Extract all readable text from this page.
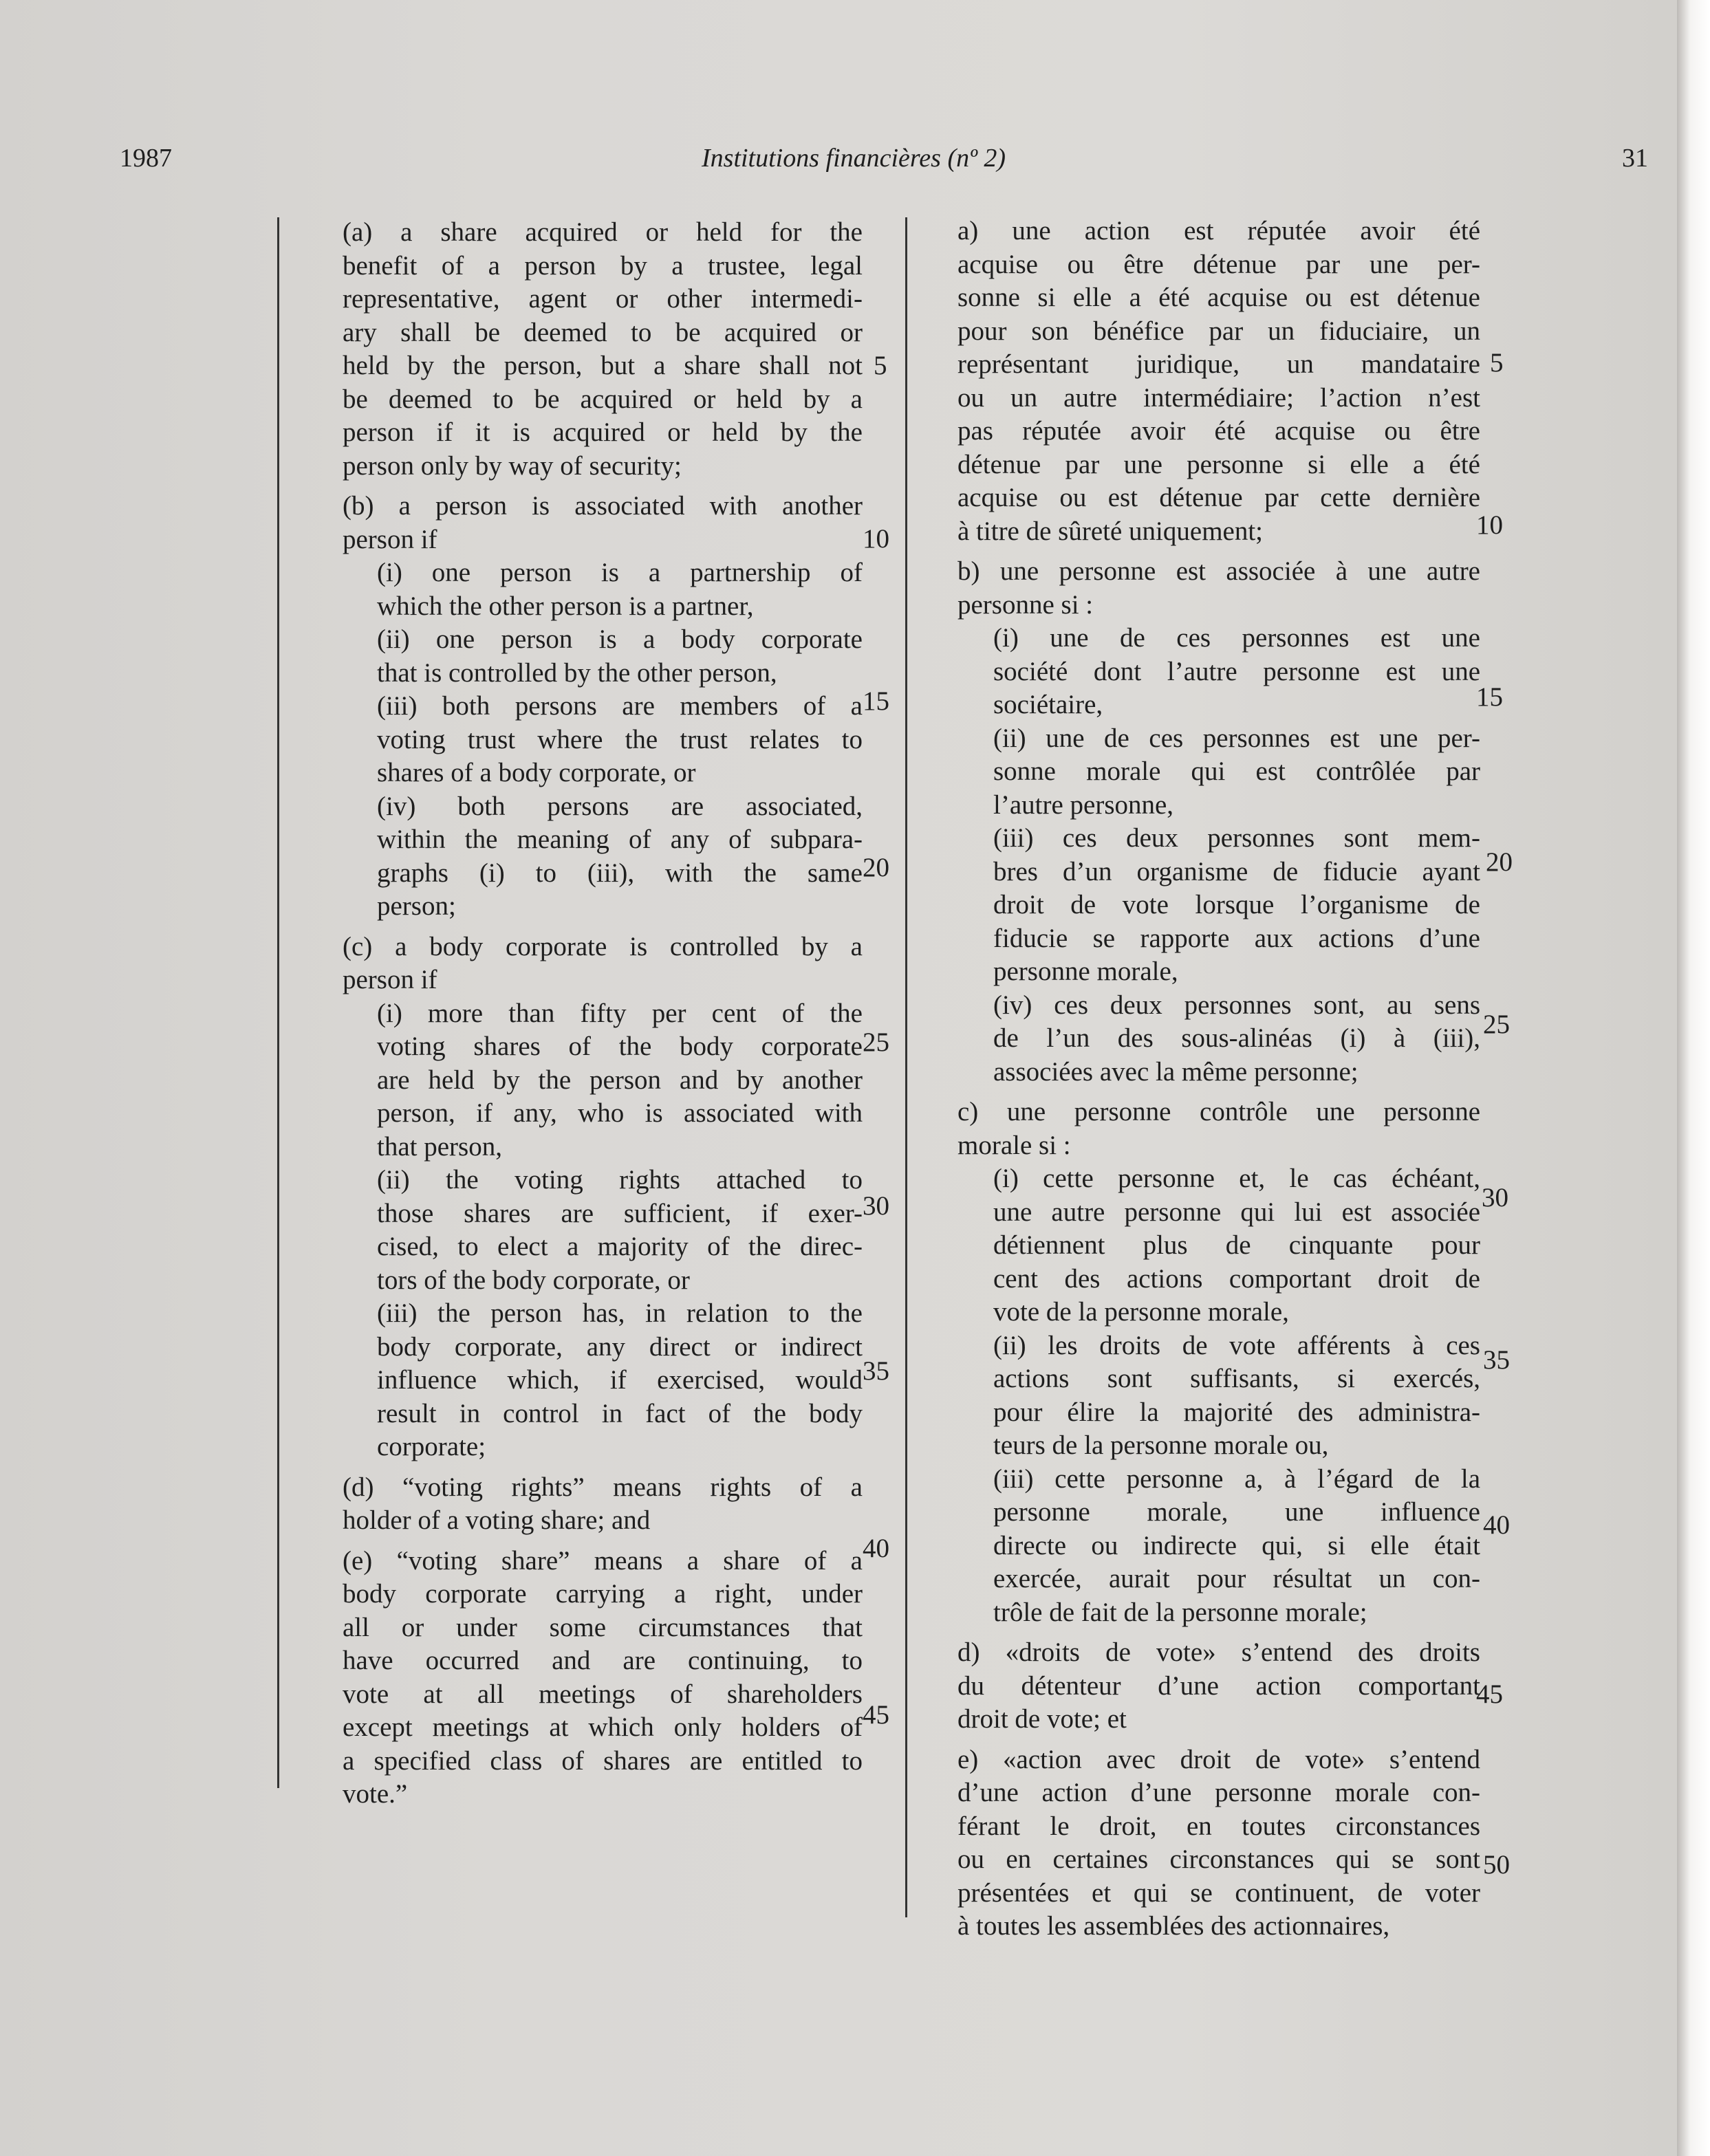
1987	Institutions financières (nº 2)	31
(a) a share acquired or held for the
benefit of a person by a trustee, legal
representative, agent or other intermedi-
ary shall be deemed to be acquired or
held by the person, but a share shall not
be deemed to be acquired or held by a
person if it is acquired or held by the
person only by way of security;
(b) a person is associated with another
person if
(i) one person is a partnership of
which the other person is a partner,
(ii) one person is a body corporate
that is controlled by the other person,
(iii) both persons are members of a
voting trust where the trust relates to
shares of a body corporate, or
(iv) both persons are associated,
within the meaning of any of subpara-
graphs (i) to (iii), with the same
person;
(c) a body corporate is controlled by a
person if
(i) more than fifty per cent of the
voting shares of the body corporate
are held by the person and by another
person, if any, who is associated with
that person,
(ii) the voting rights attached to
those shares are sufficient, if exer-
cised, to elect a majority of the direc-
tors of the body corporate, or
(iii) the person has, in relation to the
body corporate, any direct or indirect
influence which, if exercised, would
result in control in fact of the body
corporate;
(d) “voting rights” means rights of a
holder of a voting share; and
(e) “voting share” means a share of a
body corporate carrying a right, under
all or under some circumstances that
have occurred and are continuing, to
vote at all meetings of shareholders
except meetings at which only holders of
a specified class of shares are entitled to
vote.”
5
10
15
20
25
30
35
40
45
a) une action est réputée avoir été
acquise ou être détenue par une per-
sonne si elle a été acquise ou est détenue
pour son bénéfice par un fiduciaire, un
représentant juridique, un mandataire
ou un autre intermédiaire; l’action n’est
pas réputée avoir été acquise ou être
détenue par une personne si elle a été
acquise ou est détenue par cette dernière
à titre de sûreté uniquement;
b) une personne est associée à une autre
personne si :
(i) une de ces personnes est une
société dont l’autre personne est une
sociétaire,
(ii) une de ces personnes est une per-
sonne morale qui est contrôlée par
l’autre personne,
(iii) ces deux personnes sont mem-
bres d’un organisme de fiducie ayant
droit de vote lorsque l’organisme de
fiducie se rapporte aux actions d’une
personne morale,
(iv) ces deux personnes sont, au sens
de l’un des sous-alinéas (i) à (iii),
associées avec la même personne;
c) une personne contrôle une personne
morale si :
(i) cette personne et, le cas échéant,
une autre personne qui lui est associée
détiennent plus de cinquante pour
cent des actions comportant droit de
vote de la personne morale,
(ii) les droits de vote afférents à ces
actions sont suffisants, si exercés,
pour élire la majorité des administra-
teurs de la personne morale ou,
(iii) cette personne a, à l’égard de la
personne morale, une influence
directe ou indirecte qui, si elle était
exercée, aurait pour résultat un con-
trôle de fait de la personne morale;
d) «droits de vote» s’entend des droits
du détenteur d’une action comportant
droit de vote; et
e) «action avec droit de vote» s’entend
d’une action d’une personne morale con-
férant le droit, en toutes circonstances
ou en certaines circonstances qui se sont
présentées et qui se continuent, de voter
à toutes les assemblées des actionnaires,
5
10
15
20
25
30
35
40
45
50
